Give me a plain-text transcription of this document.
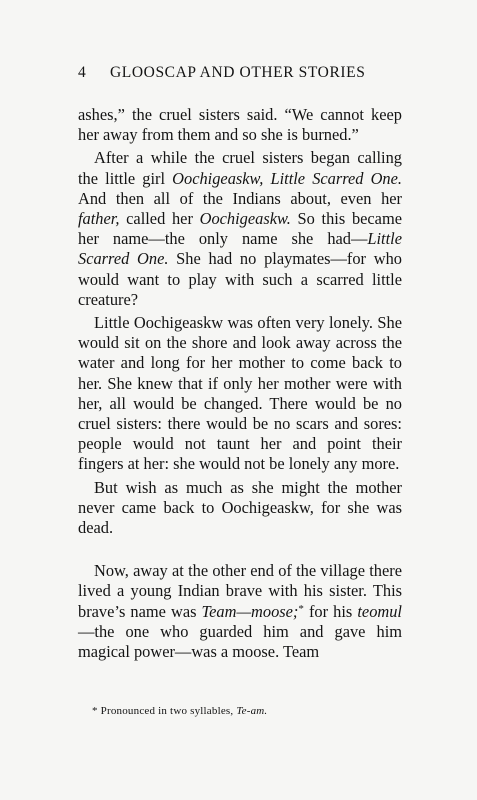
4 GLOOSCAP AND OTHER STORIES

ashes,” the cruel sisters said. “We cannot keep her away from them and so she is burned.”

After a while the cruel sisters began calling the little girl Oochigeaskw, Little Scarred One. And then all of the Indians about, even her father, called her Oochigeaskw. So this became her name—the only name she had—Little Scarred One. She had no playmates—for who would want to play with such a scarred little creature?

Little Oochigeaskw was often very lonely. She would sit on the shore and look away across the water and long for her mother to come back to her. She knew that if only her mother were with her, all would be changed. There would be no cruel sisters: there would be no scars and sores: people would not taunt her and point their fingers at her: she would not be lonely any more.

But wish as much as she might the mother never came back to Oochigeaskw, for she was dead.

Now, away at the other end of the village there lived a young Indian brave with his sister. This brave’s name was Team—moose;* for his teomul—the one who guarded him and gave him magical power—was a moose. Team

* Pronounced in two syllables, Te-am.
